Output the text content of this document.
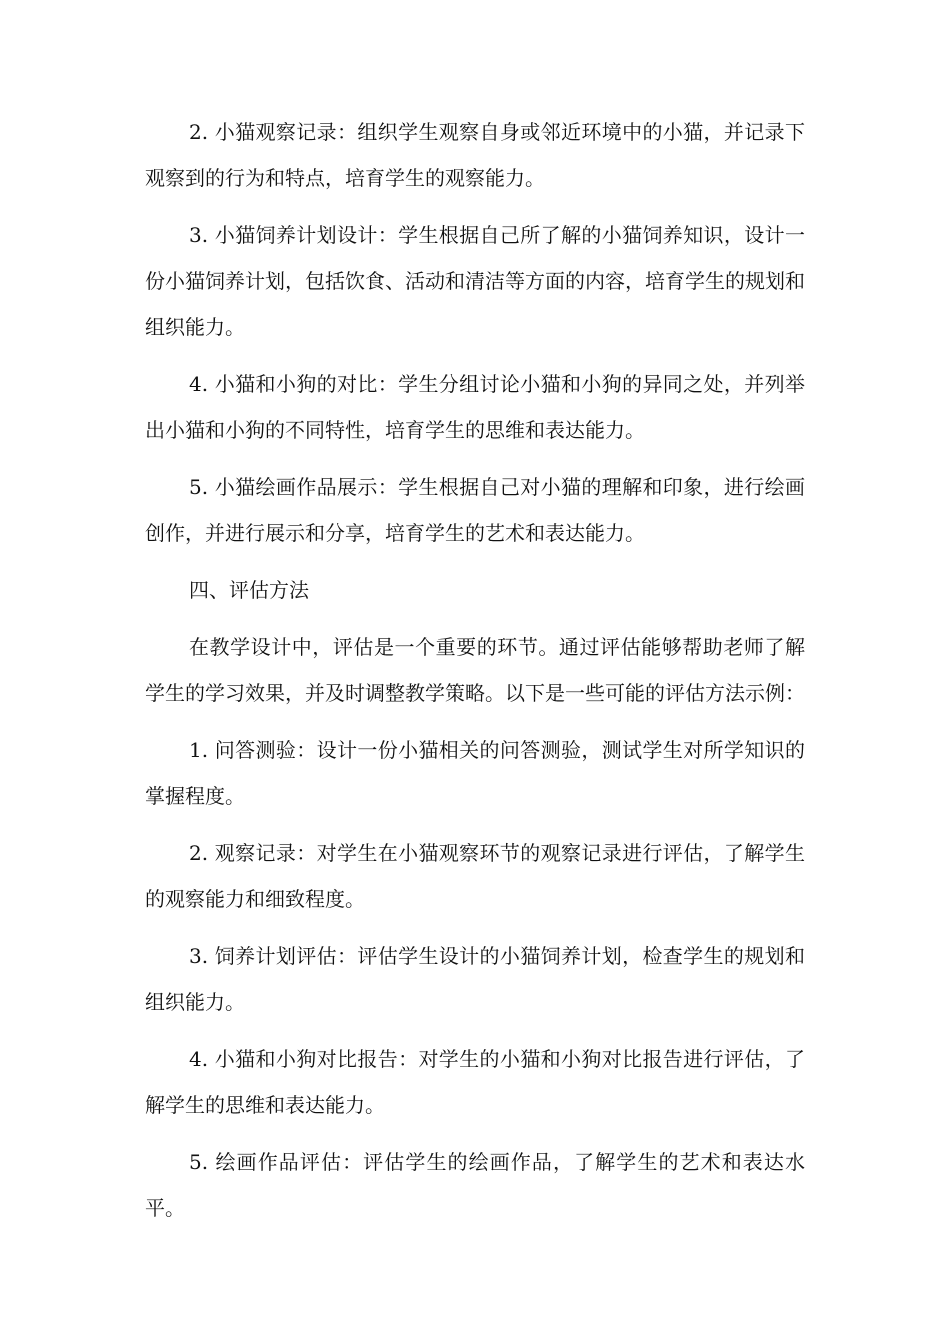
2. 小猫观察记录：组织学生观察自身或邻近环境中的小猫，并记录下观察到的行为和特点，培育学生的观察能力。

3. 小猫饲养计划设计：学生根据自己所了解的小猫饲养知识，设计一份小猫饲养计划，包括饮食、活动和清洁等方面的内容，培育学生的规划和组织能力。

4. 小猫和小狗的对比：学生分组讨论小猫和小狗的异同之处，并列举出小猫和小狗的不同特性，培育学生的思维和表达能力。

5. 小猫绘画作品展示：学生根据自己对小猫的理解和印象，进行绘画创作，并进行展示和分享，培育学生的艺术和表达能力。

四、评估方法

在教学设计中，评估是一个重要的环节。通过评估能够帮助老师了解学生的学习效果，并及时调整教学策略。以下是一些可能的评估方法示例：

1. 问答测验：设计一份小猫相关的问答测验，测试学生对所学知识的掌握程度。

2. 观察记录：对学生在小猫观察环节的观察记录进行评估，了解学生的观察能力和细致程度。

3. 饲养计划评估：评估学生设计的小猫饲养计划，检查学生的规划和组织能力。

4. 小猫和小狗对比报告：对学生的小猫和小狗对比报告进行评估，了解学生的思维和表达能力。

5. 绘画作品评估：评估学生的绘画作品，了解学生的艺术和表达水平。
